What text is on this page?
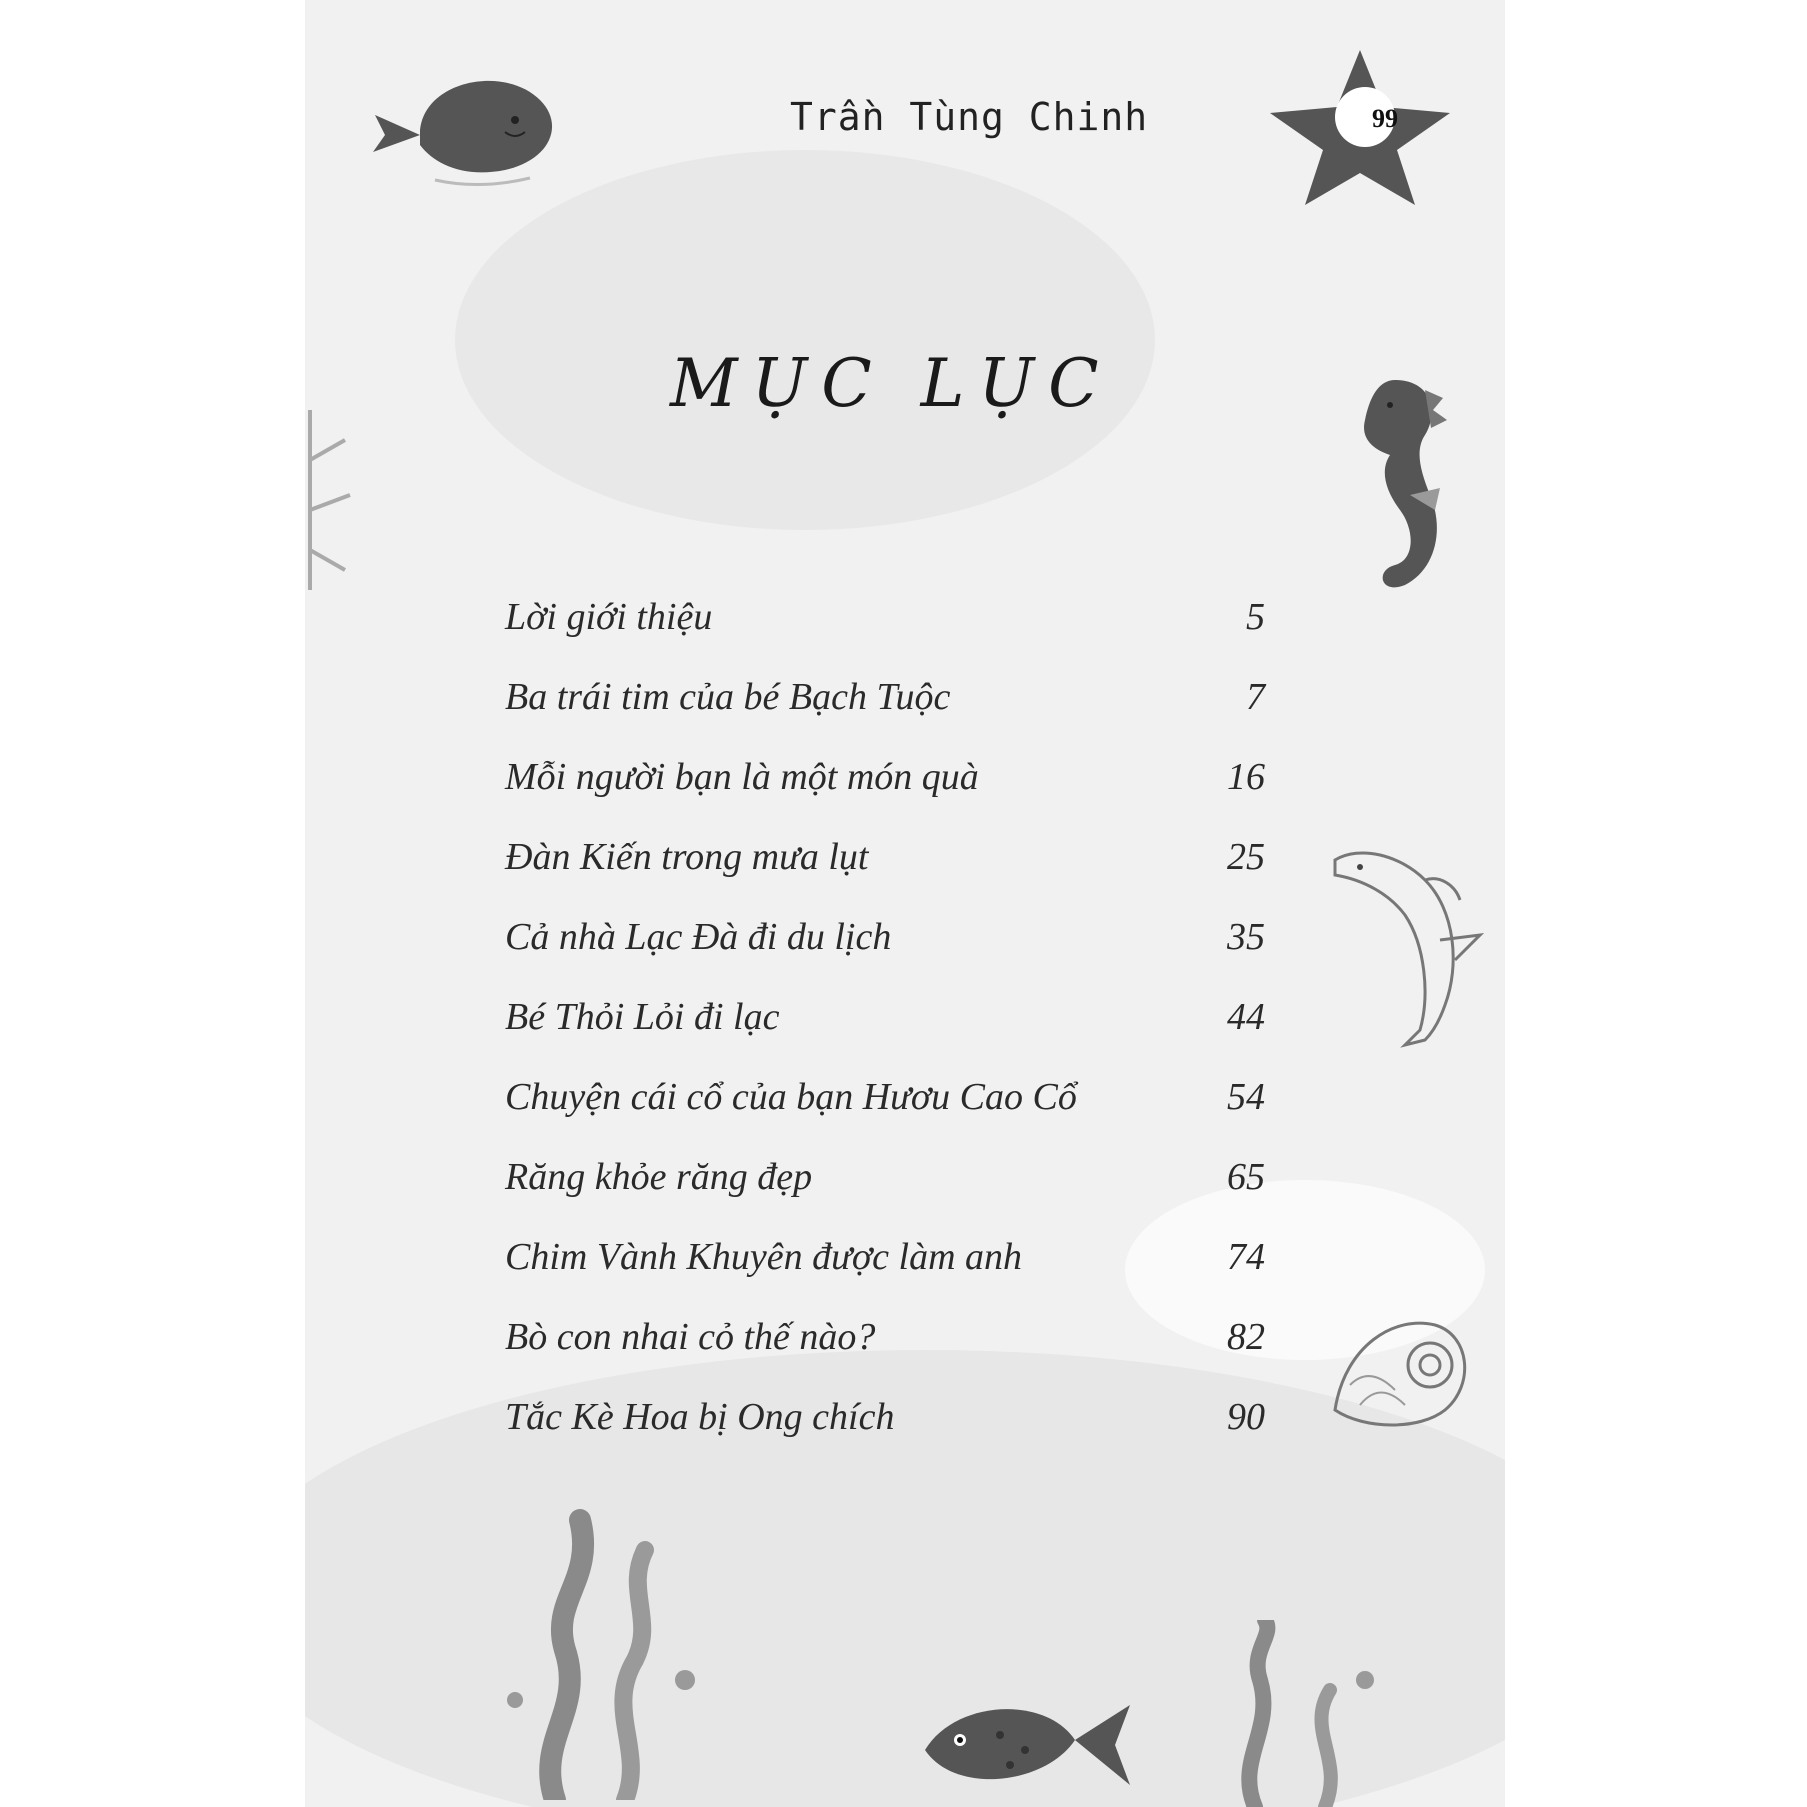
Trần Tùng Chinh	99
MỤC LỤC
Lời giới thiệu	5
Ba trái tim của bé Bạch Tuộc	7
Mỗi người bạn là một món quà	16
Đàn Kiến trong mưa lụt	25
Cả nhà Lạc Đà đi du lịch	35
Bé Thỏi Lỏi đi lạc	44
Chuyện cái cổ của bạn Hươu Cao Cổ	54
Răng khỏe răng đẹp	65
Chim Vành Khuyên được làm anh	74
Bò con nhai cỏ thế nào?	82
Tắc Kè Hoa bị Ong chích	90
